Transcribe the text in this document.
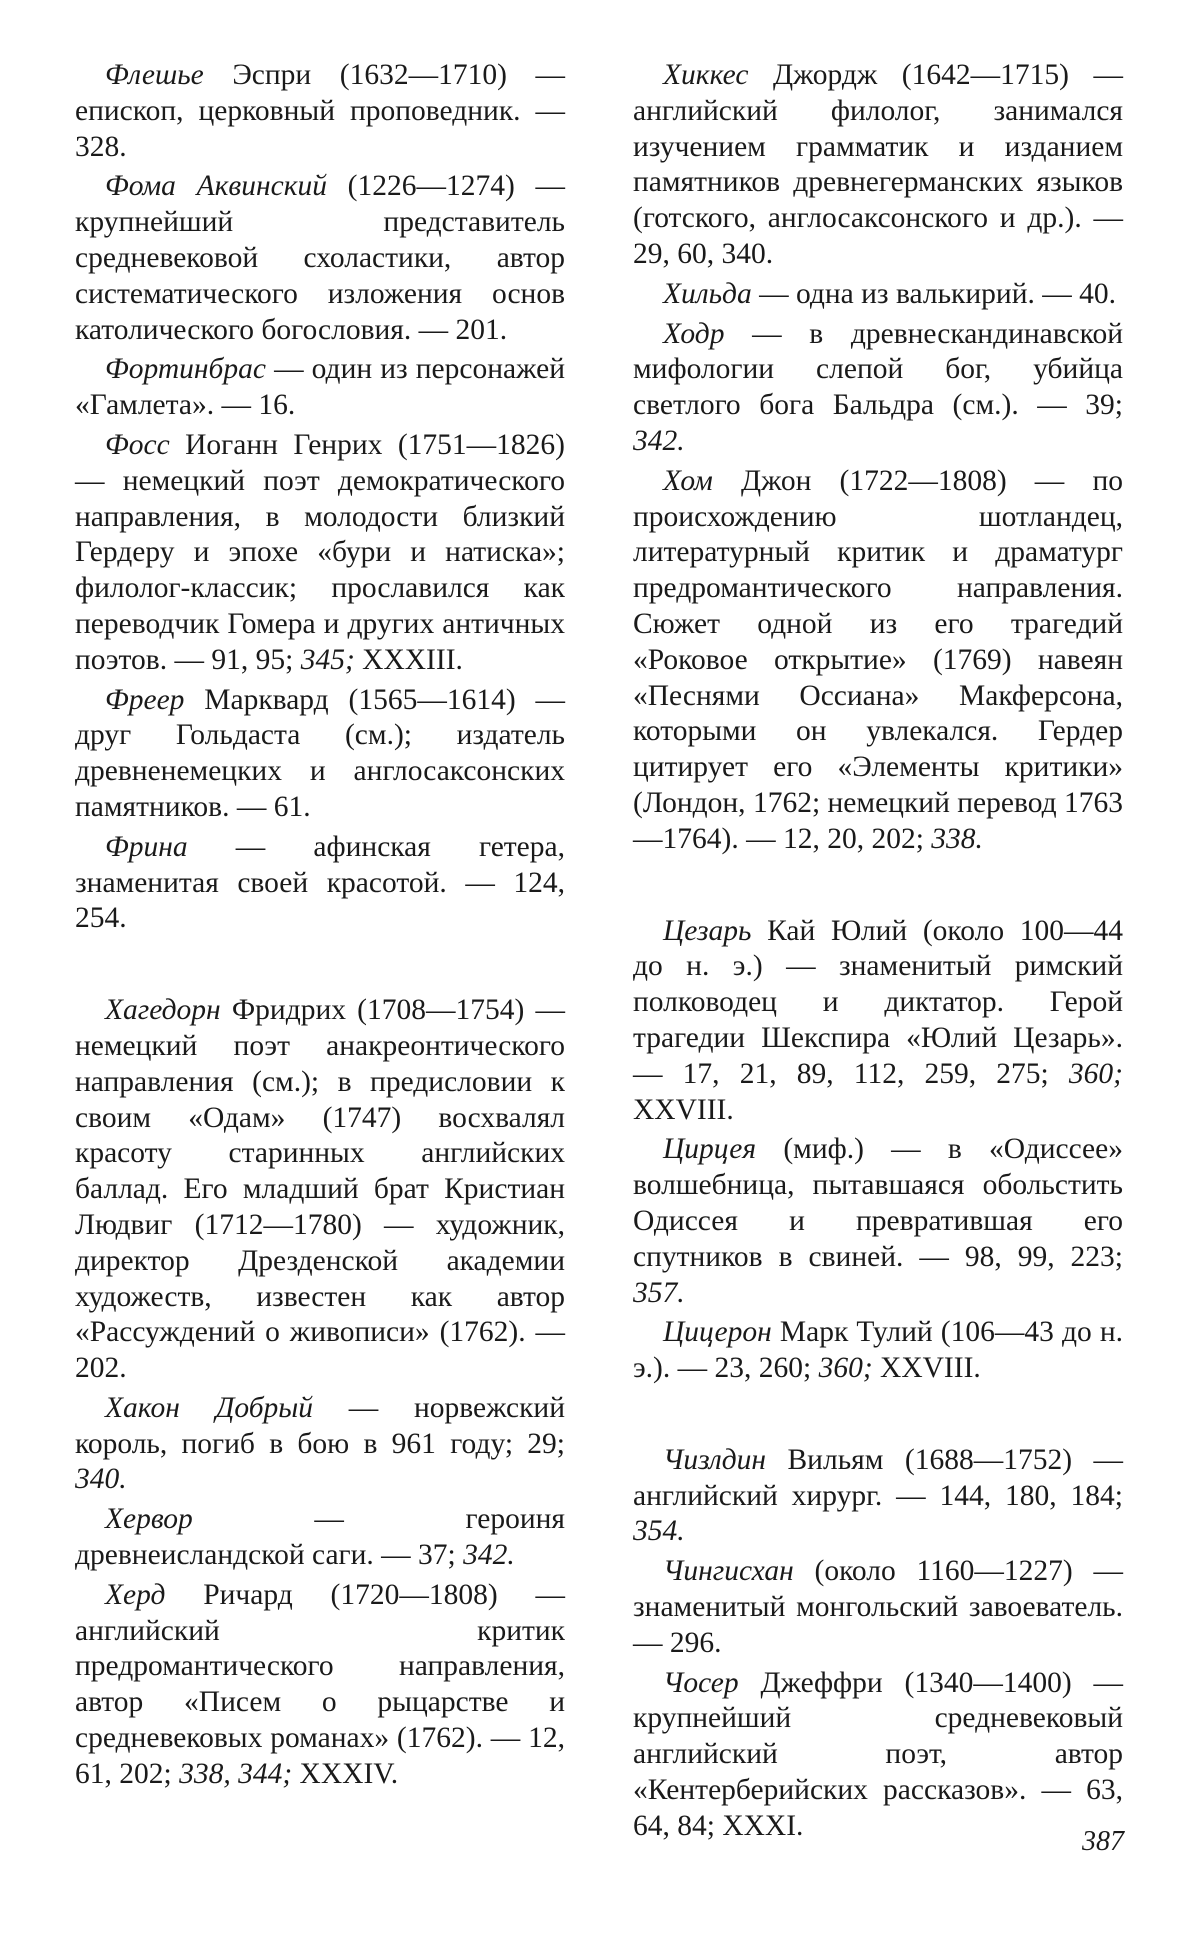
Флешье Эспри (1632—1710) — епископ, церковный проповедник. — 328.

Фома Аквинский (1226—1274) — крупнейший представитель средневековой схоластики, автор систематического изложения основ католического богословия. — 201.

Фортинбрас — один из персонажей «Гамлета». — 16.

Фосс Иоганн Генрих (1751—1826) — немецкий поэт демократического направления, в молодости близкий Гердеру и эпохе «бури и натиска»; филолог-классик; прославился как переводчик Гомера и других античных поэтов. — 91, 95; 345; XXXIII.

Фреер Марквард (1565—1614) — друг Гольдаста (см.); издатель древненемецких и англосаксонских памятников. — 61.

Фрина — афинская гетера, знаменитая своей красотой. — 124, 254.

Хагедорн Фридрих (1708—1754) — немецкий поэт анакреонтического направления (см.); в предисловии к своим «Одам» (1747) восхвалял красоту старинных английских баллад. Его младший брат Кристиан Людвиг (1712—1780) — художник, директор Дрезденской академии художеств, известен как автор «Рассуждений о живописи» (1762). — 202.

Хакон Добрый — норвежский король, погиб в бою в 961 году; 29; 340.

Хервор — героиня древнеисландской саги. — 37; 342.

Херд Ричард (1720—1808) — английский критик предромантического направления, автор «Писем о рыцарстве и средневековых романах» (1762). — 12, 61, 202; 338, 344; XXXIV.

Хиккес Джордж (1642—1715) — английский филолог, занимался изучением грамматик и изданием памятников древнегерманских языков (готского, англосаксонского и др.). — 29, 60, 340.

Хильда — одна из валькирий. — 40.

Ходр — в древнескандинавской мифологии слепой бог, убийца светлого бога Бальдра (см.). — 39; 342.

Хом Джон (1722—1808) — по происхождению шотландец, литературный критик и драматург предромантического направления. Сюжет одной из его трагедий «Роковое открытие» (1769) навеян «Песнями Оссиана» Макферсона, которыми он увлекался. Гердер цитирует его «Элементы критики» (Лондон, 1762; немецкий перевод 1763—1764). — 12, 20, 202; 338.

Цезарь Кай Юлий (около 100—44 до н. э.) — знаменитый римский полководец и диктатор. Герой трагедии Шекспира «Юлий Цезарь». — 17, 21, 89, 112, 259, 275; 360; XXVIII.

Цирцея (миф.) — в «Одиссее» волшебница, пытавшаяся обольстить Одиссея и превратившая его спутников в свиней. — 98, 99, 223; 357.

Цицерон Марк Тулий (106—43 до н. э.). — 23, 260; 360; XXVIII.

Чизлдин Вильям (1688—1752) — английский хирург. — 144, 180, 184; 354.

Чингисхан (около 1160—1227) — знаменитый монгольский завоеватель. — 296.

Чосер Джеффри (1340—1400) — крупнейший средневековый английский поэт, автор «Кентерберийских рассказов». — 63, 64, 84; XXXI.	387
